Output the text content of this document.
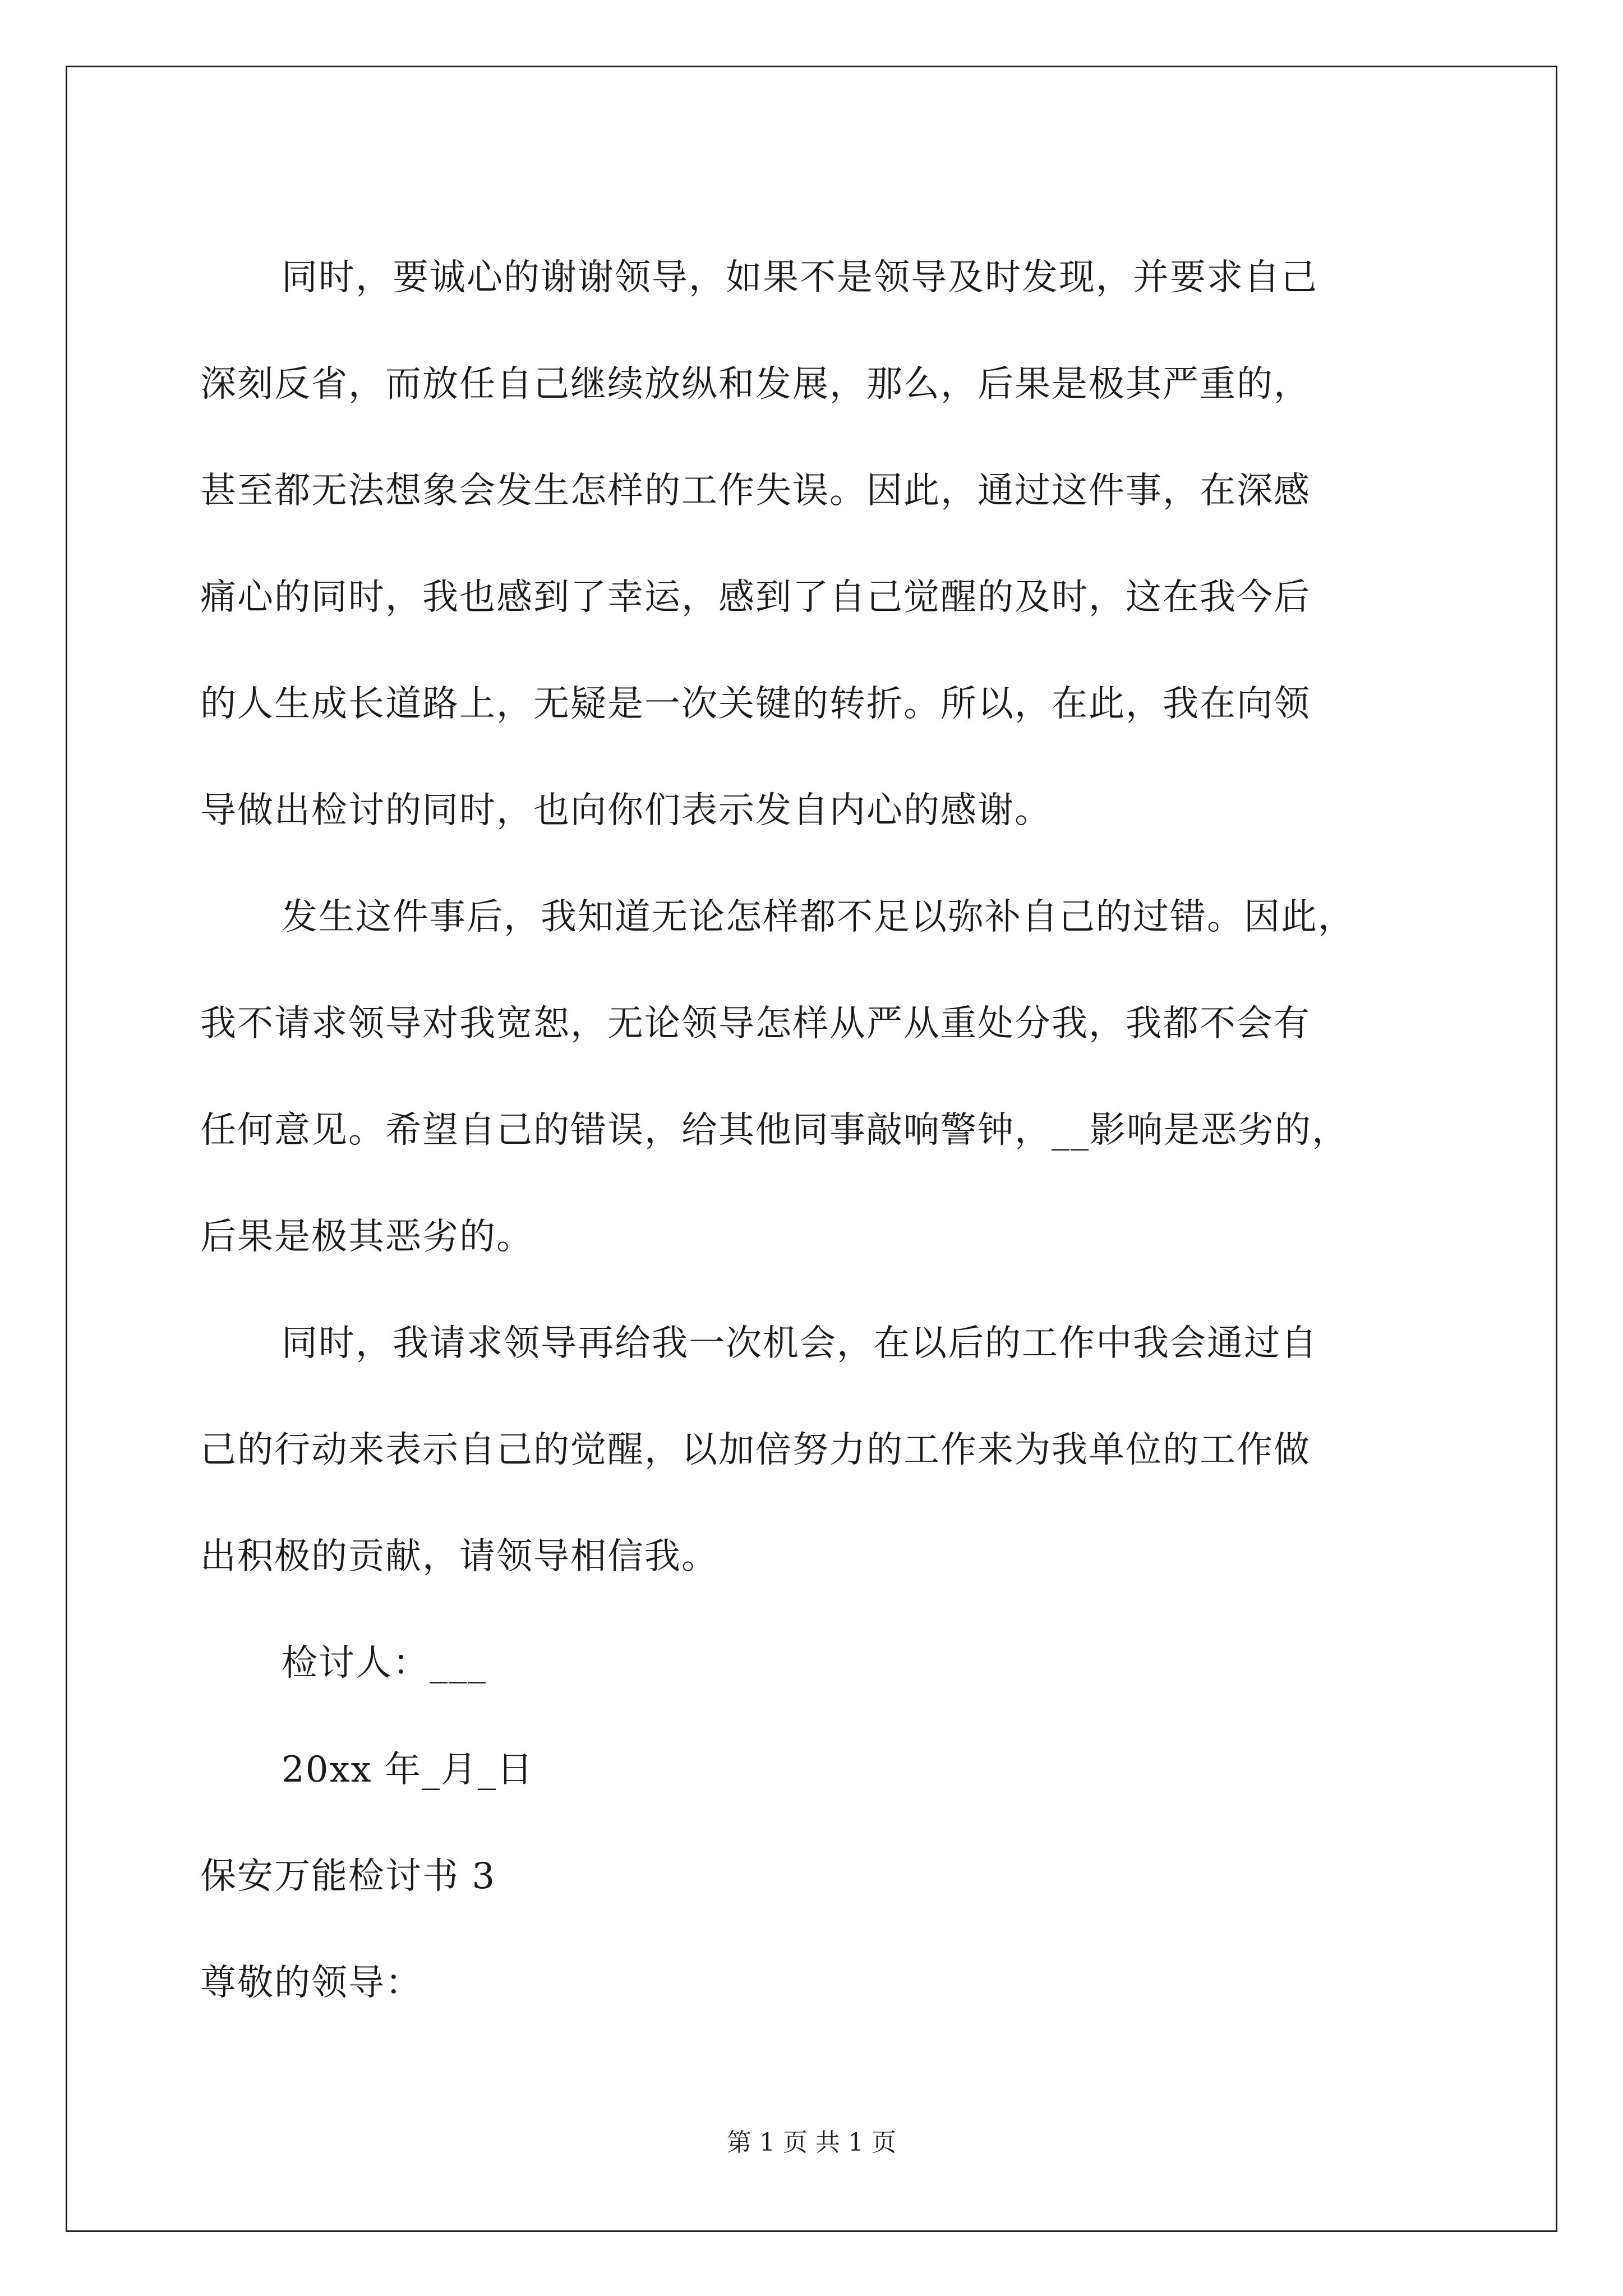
同时，要诚心的谢谢领导，如果不是领导及时发现，并要求自己
深刻反省，而放任自己继续放纵和发展，那么，后果是极其严重的，
甚至都无法想象会发生怎样的工作失误。因此，通过这件事，在深感
痛心的同时，我也感到了幸运，感到了自己觉醒的及时，这在我今后
的人生成长道路上，无疑是一次关键的转折。所以，在此，我在向领
导做出检讨的同时，也向你们表示发自内心的感谢。
发生这件事后，我知道无论怎样都不足以弥补自己的过错。因此，
我不请求领导对我宽恕，无论领导怎样从严从重处分我，我都不会有
任何意见。希望自己的错误，给其他同事敲响警钟，__影响是恶劣的，
后果是极其恶劣的。
同时，我请求领导再给我一次机会，在以后的工作中我会通过自
己的行动来表示自己的觉醒，以加倍努力的工作来为我单位的工作做
出积极的贡献，请领导相信我。
检讨人：___
20xx 年_月_日
保安万能检讨书 3
尊敬的领导：
第 1 页 共 1 页
